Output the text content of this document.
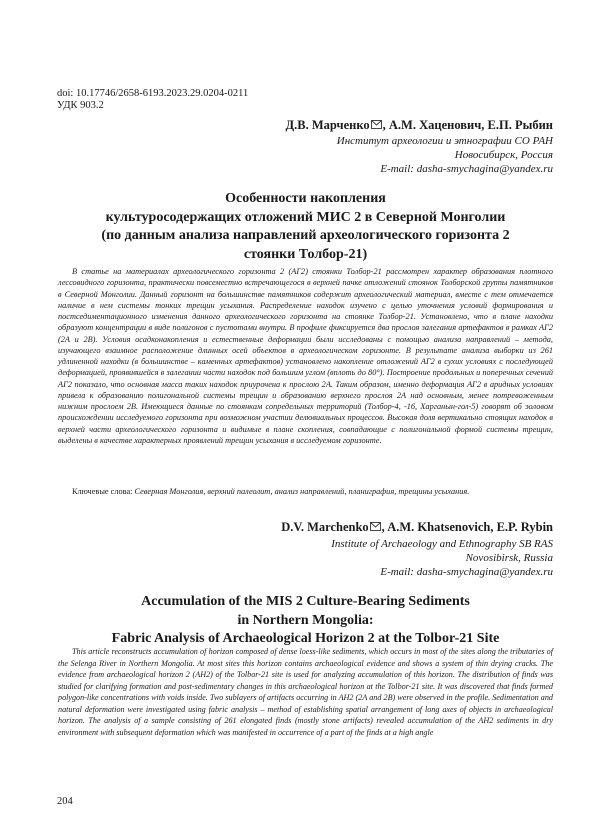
doi: 10.17746/2658-6193.2023.29.0204-0211
УДК 903.2
Д.В. Марченко , А.М. Хаценович, Е.П. Рыбин
Институт археологии и этнографии СО РАН
Новосибирск, Россия
E-mail: dasha-smychagina@yandex.ru
Особенности накопления
культуросодержащих отложений МИС 2 в Северной Монголии
(по данным анализа направлений археологического горизонта 2
стоянки Толбор-21)

В статье на материалах археологического горизонта 2 (АГ2) стоянки Толбор-21 рассмотрен характер образования плотного лессовидного горизонта, практически повсеместно встречающегося в верхней пачке отложений стоянок Толборской группы памятников в Северной Монголии. Данный горизонт на большинстве памятников содержит археологический материал, вместе с тем отмечается наличие в нем системы тонких трещин усыхания. Распределение находок изучено с целью уточнения условий формирования и постседиментационного изменения данного археологического горизонта на стоянке Толбор-21. Установлено, что в плане находки образуют концентрации в виде полигонов с пустотами внутри. В профиле фиксируется два прослоя залегания артефактов в рамках АГ2 (2А и 2В). Условия осадконакопления и естественные деформации были исследованы с помощью анализа направлений – метода, изучающего взаимное расположение длинных осей объектов в археологическом горизонте. В результате анализа выборки из 261 удлиненной находки (в большинстве – каменных артефактов) установлено накопление отложений АГ2 в сухих условиях с последующей деформацией, проявившейся в залегании части находок под большим углом (вплоть до 80°). Построение продольных и поперечных сечений АГ2 показало, что основная масса таких находок приурочена к прослою 2А. Таким образом, именно деформация АГ2 в аридных условиях привела к образованию полигональной системы трещин и образованию верхнего прослоя 2А над основным, менее потревоженным нижним прослоем 2В. Имеющиеся данные по стоянкам сопредельных территорий (Толбор-4, -16, Харганын-гол-5) говорят об эоловом происхождении исследуемого горизонта при возможном участии делювиальных процессов. Высокая доля вертикально стоящих находок в верхней части археологического горизонта и видимые в плане скопления, совпадающие с полигональной формой системы трещин, выделены в качестве характерных проявлений трещин усыхания в исследуемом горизонте.

Ключевые слова: Северная Монголия, верхний палеолит, анализ направлений, планиграфия, трещины усыхания.
D.V. Marchenko , A.M. Khatsenovich, E.P. Rybin
Institute of Archaeology and Ethnography SB RAS
Novosibirsk, Russia
E-mail: dasha-smychagina@yandex.ru
Accumulation of the MIS 2 Culture-Bearing Sediments
in Northern Mongolia:
Fabric Analysis of Archaeological Horizon 2 at the Tolbor-21 Site

This article reconstructs accumulation of horizon composed of dense loess-like sediments, which occurs in most of the sites along the tributaries of the Selenga River in Northern Mongolia. At most sites this horizon contains archaeological evidence and shows a system of thin drying cracks. The evidence from archaeological horizon 2 (AH2) of the Tolbor-21 site is used for analyzing accumulation of this horizon. The distribution of finds was studied for clarifying formation and post-sedimentary changes in this archaeological horizon at the Tolbor-21 site. It was discovered that finds formed polygon-like concentrations with voids inside. Two sublayers of artifacts occurring in AH2 (2A and 2B) were observed in the profile. Sedimentation and natural deformation were investigated using fabric analysis – method of establishing spatial arrangement of long axes of objects in archaeological horizon. The analysis of a sample consisting of 261 elongated finds (mostly stone artifacts) revealed accumulation of the AH2 sediments in dry environment with subsequent deformation which was manifested in occurrence of a part of the finds at a high angle

204
